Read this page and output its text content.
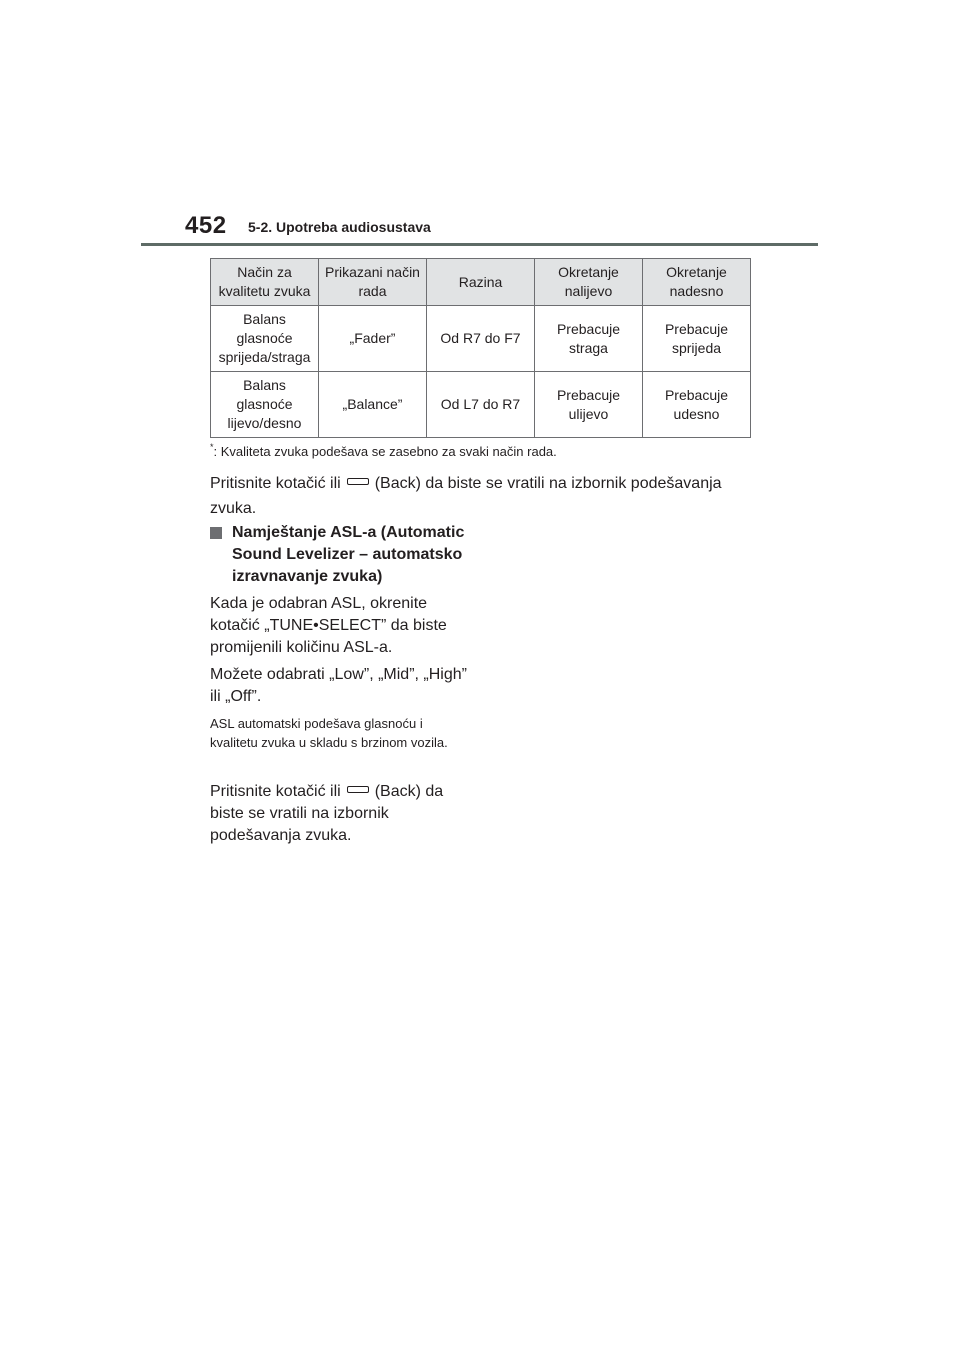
452 5-2. Upotreba audiosustava
Način za kvalitetu zvuka	Prikazani način rada	Razina	Okretanje nalijevo	Okretanje nadesno
Balans glasnoće sprijeda/straga	„Fader”	Od R7 do F7	Prebacuje straga	Prebacuje sprijeda
Balans glasnoće lijevo/desno	„Balance”	Od L7 do R7	Prebacuje ulijevo	Prebacuje udesno
*: Kvaliteta zvuka podešava se zasebno za svaki način rada.
Pritisnite kotačić ili (Back) da biste se vratili na izbornik podešavanja zvuka.
Namještanje ASL-a (Automatic Sound Levelizer – automatsko izravnavanje zvuka)
Kada je odabran ASL, okrenite kotačić „TUNE•SELECT” da biste promijenili količinu ASL-a.
Možete odabrati „Low”, „Mid”, „High” ili „Off”.
ASL automatski podešava glasnoću i kvalitetu zvuka u skladu s brzinom vozila.
Pritisnite kotačić ili (Back) da biste se vratili na izbornik podešavanja zvuka.
